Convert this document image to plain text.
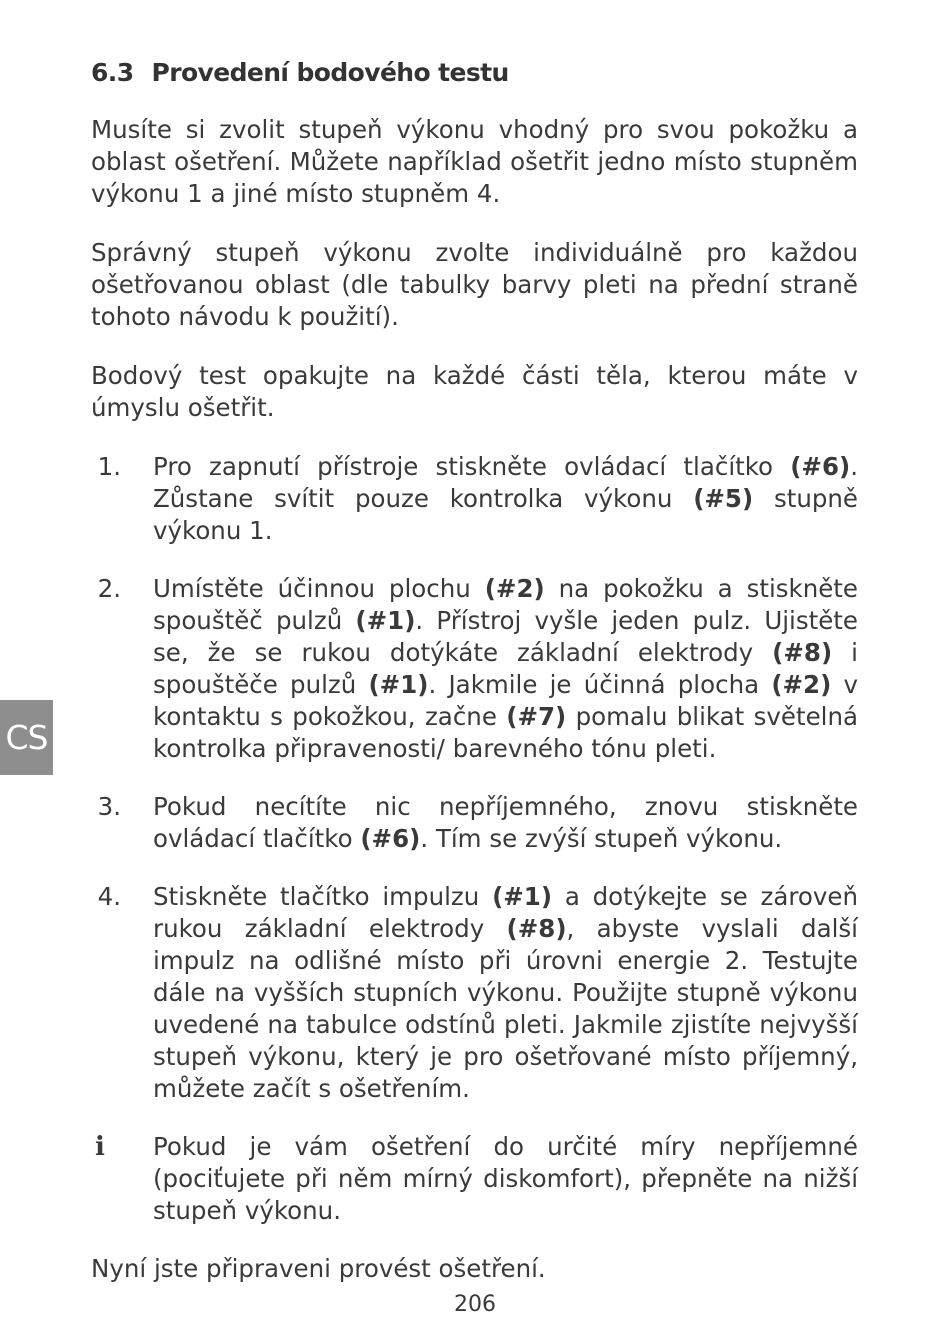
6.3 Provedení bodového testu

Musíte si zvolit stupeň výkonu vhodný pro svou pokožku a oblast ošetření. Můžete například ošetřit jedno místo stupněm výkonu 1 a jiné místo stupněm 4.

Správný stupeň výkonu zvolte individuálně pro každou ošetřovanou oblast (dle tabulky barvy pleti na přední straně tohoto návodu k použití).

Bodový test opakujte na každé části těla, kterou máte v úmyslu ošetřit.

1. Pro zapnutí přístroje stiskněte ovládací tlačítko (#6). Zůstane svítit pouze kontrolka výkonu (#5) stupně výkonu 1.
2. Umístěte účinnou plochu (#2) na pokožku a stiskněte spouštěč pulzů (#1). Přístroj vyšle jeden pulz. Ujistěte se, že se rukou dotýkáte základní elektrody (#8) i spouštěče pulzů (#1). Jakmile je účinná plocha (#2) v kontaktu s pokožkou, začne (#7) pomalu blikat světelná kontrolka připravenosti/ barevného tónu pleti.
3. Pokud necítíte nic nepříjemného, znovu stiskněte ovládací tlačítko (#6). Tím se zvýší stupeň výkonu.
4. Stiskněte tlačítko impulzu (#1) a dotýkejte se zároveň rukou základní elektrody (#8), abyste vyslali další impulz na odlišné místo při úrovni energie 2. Testujte dále na vyšších stupních výkonu. Použijte stupně výkonu uvedené na tabulce odstínů pleti. Jakmile zjistíte nejvyšší stupeň výkonu, který je pro ošetřované místo příjemný, můžete začít s ošetřením.
i Pokud je vám ošetření do určité míry nepříjemné (pociťujete při něm mírný diskomfort), přepněte na nižší stupeň výkonu.

Nyní jste připraveni provést ošetření.

CS
206
